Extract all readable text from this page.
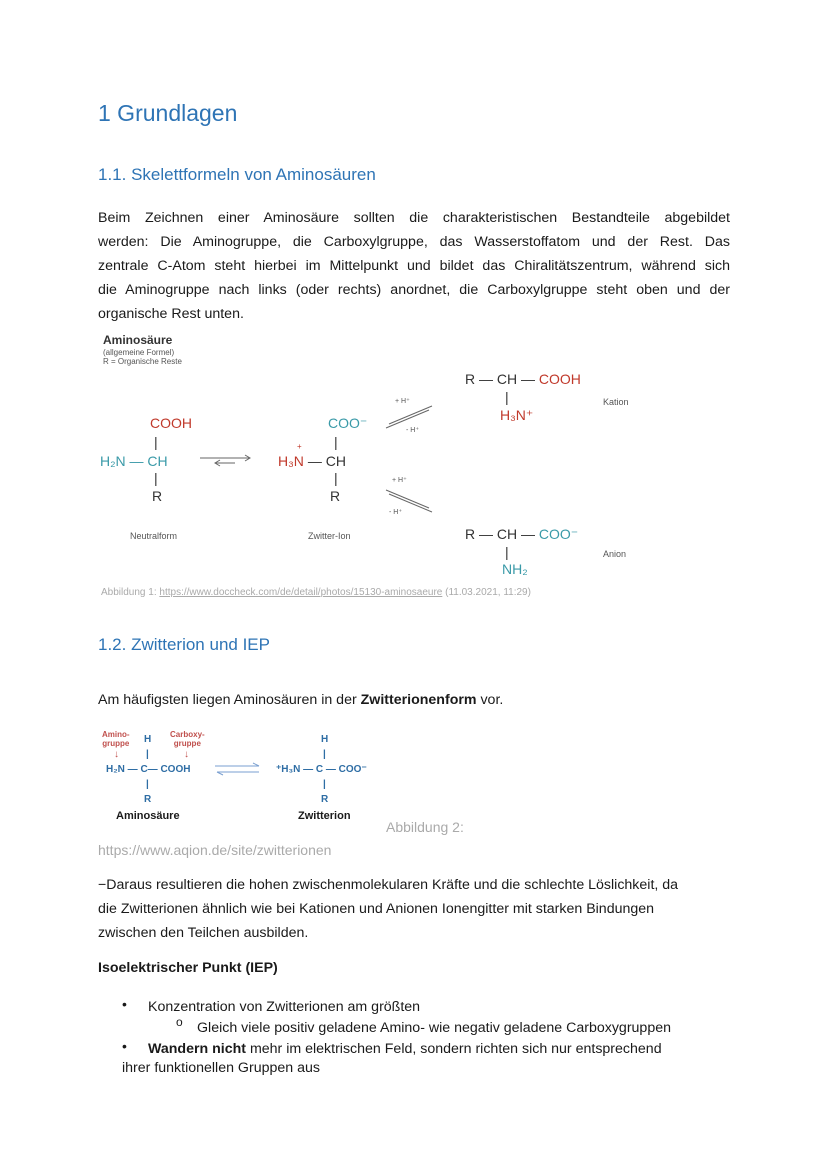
1 Grundlagen
1.1. Skelettformeln von Aminosäuren
Beim Zeichnen einer Aminosäure sollten die charakteristischen Bestandteile abgebildet
werden: Die Aminogruppe, die Carboxylgruppe, das Wasserstoffatom und der Rest. Das
zentrale C-Atom steht hierbei im Mittelpunkt und bildet das Chiralitätszentrum, während sich
die Aminogruppe nach links (oder rechts) anordnet, die Carboxylgruppe steht oben und der
organische Rest unten.
Aminosäure
(allgemeine Formel)
R = Organische Reste
COOH
|
H₂N — CH
|
R
Neutralform
COO⁻
|
+
H₃N — CH
|
R
Zwitter-Ion
+ H⁺
- H⁺
+ H⁺
- H⁺
R — CH — COOH
|
H₃N⁺
Kation
R — CH — COO⁻
|
NH₂
Anion
Abbildung 1: https://www.doccheck.com/de/detail/photos/15130-aminosaeure (11.03.2021, 11:29)
1.2. Zwitterion und IEP
Am häufigsten liegen Aminosäuren in der Zwitterionenform vor.
Amino-
gruppe
Carboxy-
gruppe
↓	↓
H
|
H₂N — C— COOH
|
R
Aminosäure
H
|
⁺H₃N — C — COO⁻
|
R
Zwitterion
Abbildung 2:
https://www.aqion.de/site/zwitterionen
−Daraus resultieren die hohen zwischenmolekularen Kräfte und die schlechte Löslichkeit, da
die Zwitterionen ähnlich wie bei Kationen und Anionen Ionengitter mit starken Bindungen
zwischen den Teilchen ausbilden.
Isoelektrischer Punkt (IEP)
• Konzentration von Zwitterionen am größten
o Gleich viele positiv geladene Amino- wie negativ geladene Carboxygruppen
• Wandern nicht mehr im elektrischen Feld, sondern richten sich nur entsprechend
ihrer funktionellen Gruppen aus
